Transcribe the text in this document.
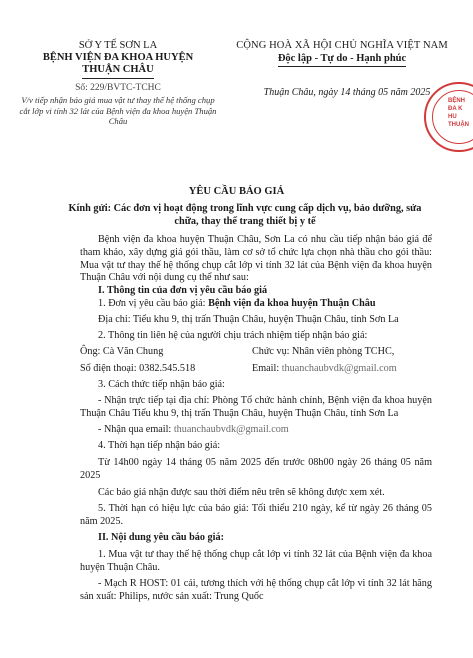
SỞ Y TẾ SƠN LA
BỆNH VIỆN ĐA KHOA HUYỆN
THUẬN CHÂU
Số: 229/BVTC-TCHC
V/v tiếp nhận báo giá mua vật tư thay thế hệ thống chụp cắt lớp vi tính 32 lát của Bệnh viện đa khoa huyện Thuận Châu
CỘNG HOÀ XÃ HỘI CHỦ NGHĨA VIỆT NAM
Độc lập - Tự do - Hạnh phúc
Thuận Châu, ngày 14 tháng 05 năm 2025
BỆNH
ĐA K
HU
THUẬN
YÊU CẦU BÁO GIÁ
Kính gửi: Các đơn vị hoạt động trong lĩnh vực cung cấp dịch vụ, bảo dưỡng, sửa chữa, thay thế trang thiết bị y tế
Bệnh viện đa khoa huyện Thuận Châu, Sơn La có nhu cầu tiếp nhận báo giá để tham khảo, xây dựng giá gói thầu, làm cơ sở tổ chức lựa chọn nhà thầu cho gói thầu: Mua vật tư thay thế hệ thống chụp cắt lớp vi tính 32 lát của Bệnh viện đa khoa huyện Thuận Châu với nội dung cụ thể như sau:
I. Thông tin của đơn vị yêu cầu báo giá
1. Đơn vị yêu cầu báo giá: Bệnh viện đa khoa huyện Thuận Châu
Địa chỉ: Tiểu khu 9, thị trấn Thuận Châu, huyện Thuận Châu, tỉnh Sơn La
2. Thông tin liên hệ của người chịu trách nhiệm tiếp nhận báo giá:
Ông: Cà Văn Chung	Chức vụ: Nhân viên phòng TCHC,
Số điện thoại: 0382.545.518	Email: thuanchaubvdk@gmail.com
3. Cách thức tiếp nhận báo giá:
- Nhận trực tiếp tại địa chỉ: Phòng Tổ chức hành chính, Bệnh viện đa khoa huyện Thuận Châu Tiểu khu 9, thị trấn Thuận Châu, huyện Thuận Châu, tỉnh Sơn La
- Nhận qua email: thuanchaubvdk@gmail.com
4. Thời hạn tiếp nhận báo giá:
Từ 14h00 ngày 14 tháng 05 năm 2025 đến trước 08h00 ngày 26 tháng 05 năm 2025
Các báo giá nhận được sau thời điểm nêu trên sẽ không được xem xét.
5. Thời hạn có hiệu lực của báo giá: Tối thiểu 210 ngày, kể từ ngày 26 tháng 05 năm 2025.
II. Nội dung yêu cầu báo giá:
1. Mua vật tư thay thế hệ thống chụp cắt lớp vi tính 32 lát của Bệnh viện đa khoa huyện Thuận Châu.
- Mạch R HOST: 01 cái, tương thích với hệ thống chụp cắt lớp vi tính 32 lát hãng sản xuất: Philips, nước sản xuất: Trung Quốc
